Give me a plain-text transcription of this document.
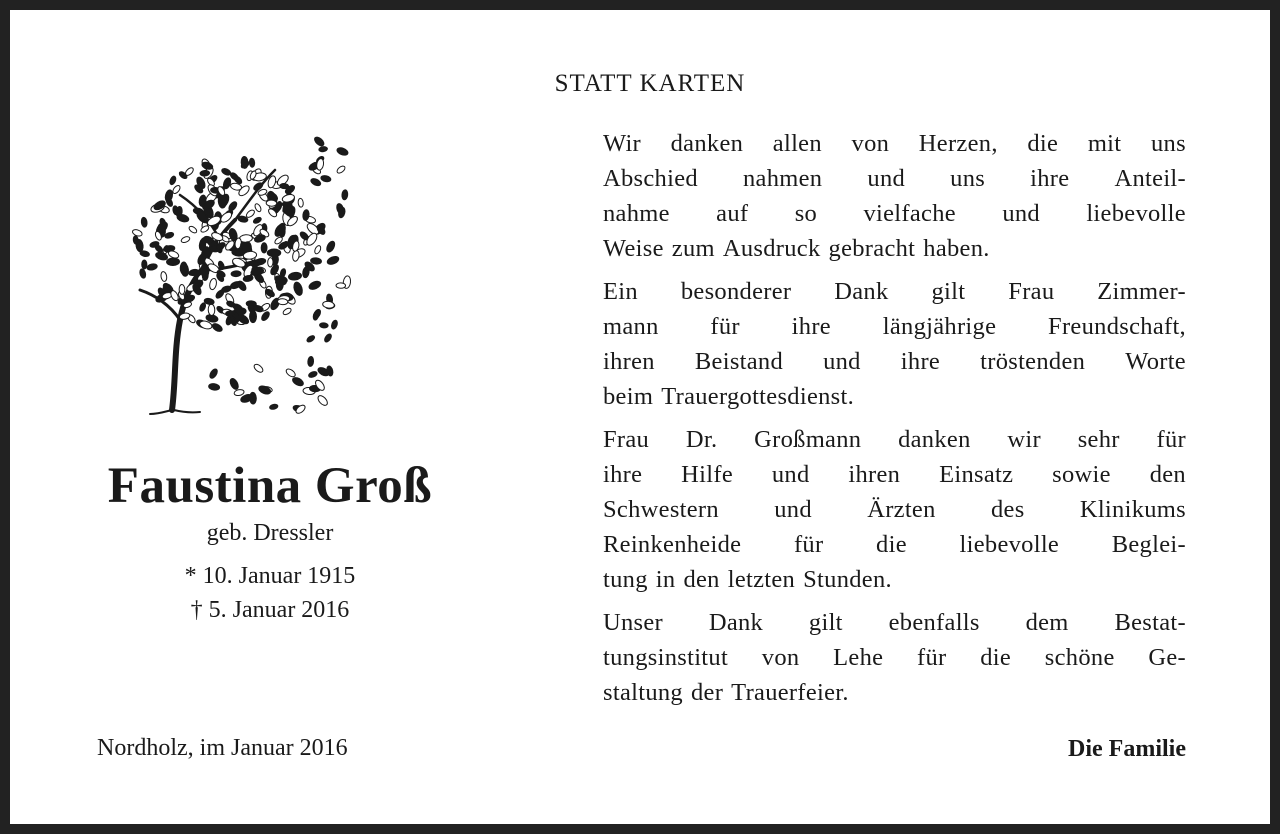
STATT KARTEN
Faustina Groß
geb. Dressler
* 10. Januar 1915
† 5. Januar 2016
Nordholz, im Januar 2016
Wir danken allen von Herzen, die mit uns
Abschied nahmen und uns ihre Anteil-
nahme auf so vielfache und liebevolle
Weise zum Ausdruck gebracht haben.
Ein besonderer Dank gilt Frau Zimmer-
mann für ihre längjährige Freundschaft,
ihren Beistand und ihre tröstenden Worte
beim Trauergottesdienst.
Frau Dr. Großmann danken wir sehr für
ihre Hilfe und ihren Einsatz sowie den
Schwestern und Ärzten des Klinikums
Reinkenheide für die liebevolle Beglei-
tung in den letzten Stunden.
Unser Dank gilt ebenfalls dem Bestat-
tungsinstitut von Lehe für die schöne Ge-
staltung der Trauerfeier.
Die Familie
